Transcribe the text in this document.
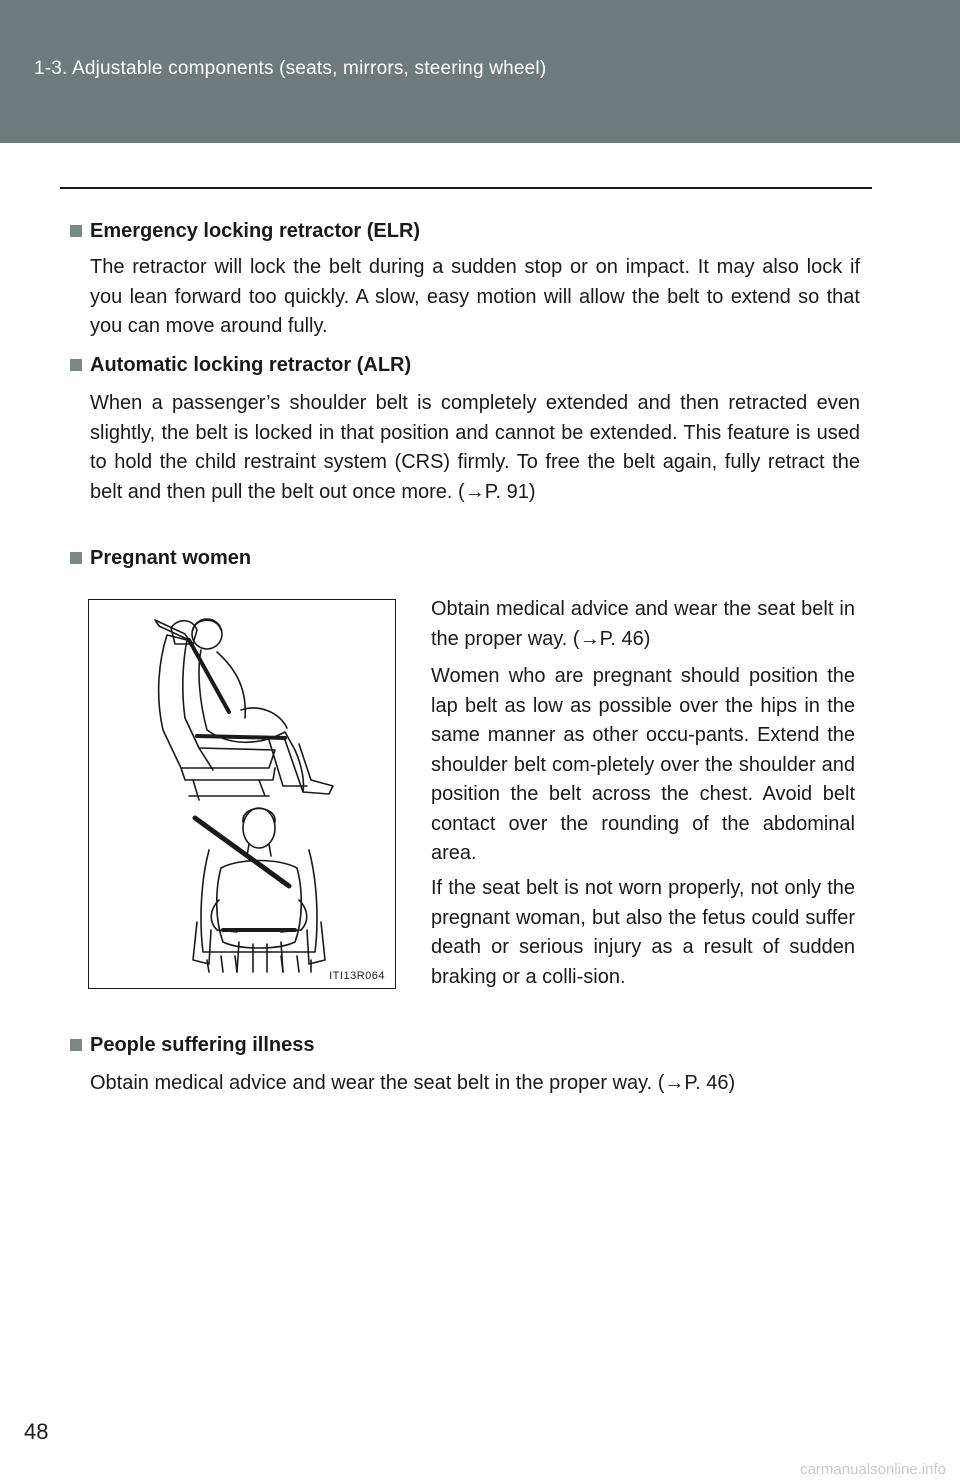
1-3. Adjustable components (seats, mirrors, steering wheel)
Emergency locking retractor (ELR)

The retractor will lock the belt during a sudden stop or on impact. It may also lock if you lean forward too quickly. A slow, easy motion will allow the belt to extend so that you can move around fully.

Automatic locking retractor (ALR)

When a passenger’s shoulder belt is completely extended and then retracted even slightly, the belt is locked in that position and cannot be extended. This feature is used to hold the child restraint system (CRS) firmly. To free the belt again, fully retract the belt and then pull the belt out once more. (→P. 91)

Pregnant women

Obtain medical advice and wear the seat belt in the proper way. (→P. 46)

Women who are pregnant should position the lap belt as low as possible over the hips in the same manner as other occu-pants. Extend the shoulder belt com-pletely over the shoulder and position the belt across the chest. Avoid belt contact over the rounding of the abdominal area.

If the seat belt is not worn properly, not only the pregnant woman, but also the fetus could suffer death or serious injury as a result of sudden braking or a colli-sion.

ITI13R064
People suffering illness

Obtain medical advice and wear the seat belt in the proper way. (→P. 46)

48
carmanualsonline.info
